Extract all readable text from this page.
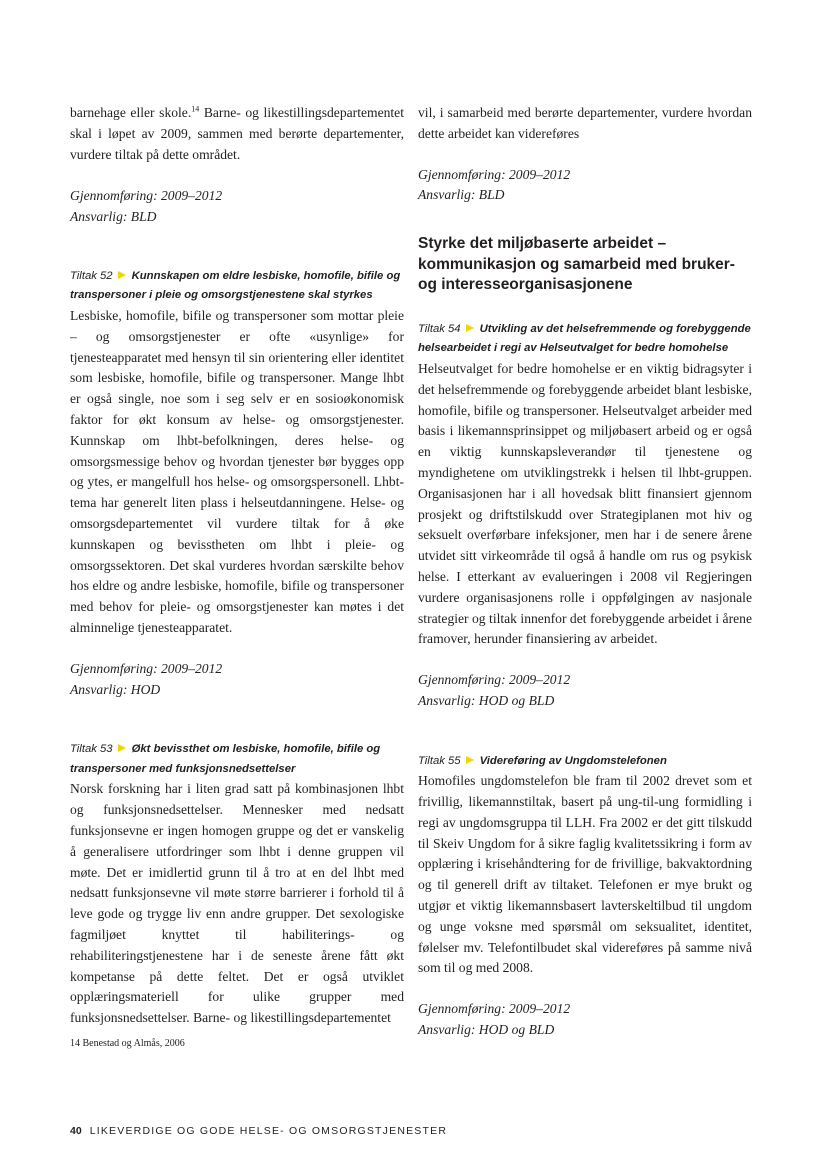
barnehage eller skole.$^{14}$ Barne- og likestillingsdepartementet skal i løpet av 2009, sammen med berørte departementer, vurdere tiltak på dette området.

Gjennomføring: 2009–2012

Ansvarlig: BLD

Tiltak 52 Kunnskapen om eldre lesbiske, homofile, bifile og transpersoner i pleie og omsorgstjenestene skal styrkes

Lesbiske, homofile, bifile og transpersoner som mottar pleie – og omsorgstjenester er ofte «usynlige» for tjenesteapparatet med hensyn til sin orientering eller identitet som lesbiske, homofile, bifile og transpersoner. Mange lhbt er også single, noe som i seg selv er en sosioøkonomisk faktor for økt konsum av helse- og omsorgstjenester. Kunnskap om lhbt-befolkningen, deres helse- og omsorgsmessige behov og hvordan tjenester bør bygges opp og ytes, er mangelfull hos helse- og omsorgspersonell. Lhbt-tema har generelt liten plass i helseutdanningene. Helse- og omsorgsdepartementet vil vurdere tiltak for å øke kunnskapen og bevisstheten om lhbt i pleie- og omsorgssektoren. Det skal vurderes hvordan særskilte behov hos eldre og andre lesbiske, homofile, bifile og transpersoner med behov for pleie- og omsorgstjenester kan møtes i det alminnelige tjenesteapparatet.

Gjennomføring: 2009–2012

Ansvarlig: HOD

Tiltak 53 Økt bevissthet om lesbiske, homofile, bifile og transpersoner med funksjonsnedsettelser

Norsk forskning har i liten grad satt på kombinasjonen lhbt og funksjonsnedsettelser. Mennesker med nedsatt funksjonsevne er ingen homogen gruppe og det er vanskelig å generalisere utfordringer som lhbt i denne gruppen vil møte. Det er imidlertid grunn til å tro at en del lhbt med nedsatt funksjonsevne vil møte større barrierer i forhold til å leve gode og trygge liv enn andre grupper. Det sexologiske fagmiljøet knyttet til habiliterings- og rehabiliteringstjenestene har i de seneste årene fått økt kompetanse på dette feltet. Det er også utviklet opplæringsmateriell for ulike grupper med funksjonsnedsettelser. Barne- og likestillingsdepartementet

14 Benestad og Almås, 2006

vil, i samarbeid med berørte departementer, vurdere hvordan dette arbeidet kan videreføres

Gjennomføring: 2009–2012

Ansvarlig: BLD

Styrke det miljøbaserte arbeidet – kommunikasjon og samarbeid med bruker- og interesseorganisasjonene

Tiltak 54 Utvikling av det helsefremmende og forebyggende helsearbeidet i regi av Helseutvalget for bedre homohelse

Helseutvalget for bedre homohelse er en viktig bidragsyter i det helsefremmende og forebyggende arbeidet blant lesbiske, homofile, bifile og transpersoner. Helseutvalget arbeider med basis i likemannsprinsippet og miljøbasert arbeid og er også en viktig kunnskapsleverandør til tjenestene og myndighetene om utviklingstrekk i helsen til lhbt-gruppen. Organisasjonen har i all hovedsak blitt finansiert gjennom prosjekt og driftstilskudd over Strategiplanen mot hiv og seksuelt overførbare infeksjoner, men har i de senere årene utvidet sitt virkeområde til også å handle om rus og psykisk helse. I etterkant av evalueringen i 2008 vil Regjeringen vurdere organisasjonens rolle i oppfølgingen av nasjonale strategier og tiltak innenfor det forebyggende arbeidet i årene framover, herunder finansiering av arbeidet.

Gjennomføring: 2009–2012

Ansvarlig: HOD og BLD

Tiltak 55 Videreføring av Ungdomstelefonen

Homofiles ungdomstelefon ble fram til 2002 drevet som et frivillig, likemannstiltak, basert på ung-til-ung formidling i regi av ungdomsgruppa til LLH. Fra 2002 er det gitt tilskudd til Skeiv Ungdom for å sikre faglig kvalitetssikring i form av opplæring i krisehåndtering for de frivillige, bakvaktordning og til generell drift av tiltaket. Telefonen er mye brukt og utgjør et viktig likemannsbasert lavterskeltilbud til ungdom og unge voksne med spørsmål om seksualitet, identitet, følelser mv. Telefontilbudet skal videreføres på samme nivå som til og med 2008.

Gjennomføring: 2009–2012

Ansvarlig: HOD og BLD

40 LIKEVERDIGE OG GODE HELSE- OG OMSORGSTJENESTER
